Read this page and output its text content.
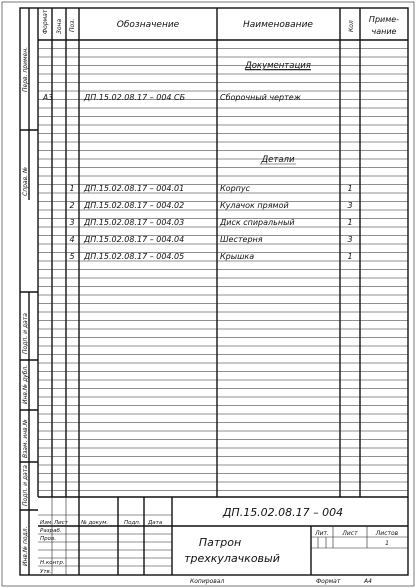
Формат Зона Поз.	Обозначение	Наименование	Кол
Приме-
чание
Перв. примен.
Справ. №
Подп. и дата
Инв.№ дубл.
Взам. инв.№
Подп. и дата
Инв.№ подл.
Документация
Детали
А3	ДП.15.02.08.17 – 004 СБ	Сборочный чертеж
1 ДП.15.02.08.17 – 004.01	Корпус	1
2 ДП.15.02.08.17 – 004.02	Кулачок прямой	3
3 ДП.15.02.08.17 – 004.03	Диск спиральный	1
4 ДП.15.02.08.17 – 004.04	Шестерня	3
5 ДП.15.02.08.17 – 004.05	Крышка	1
Изм. Лист № докум.	Подп. Дата
Разраб.
Пров.
Н.контр.
Утв.
ДП.15.02.08.17 – 004
Патрон
трехкулачковый
Лит. Лист	Листов
1
Копировал	Формат	А4
